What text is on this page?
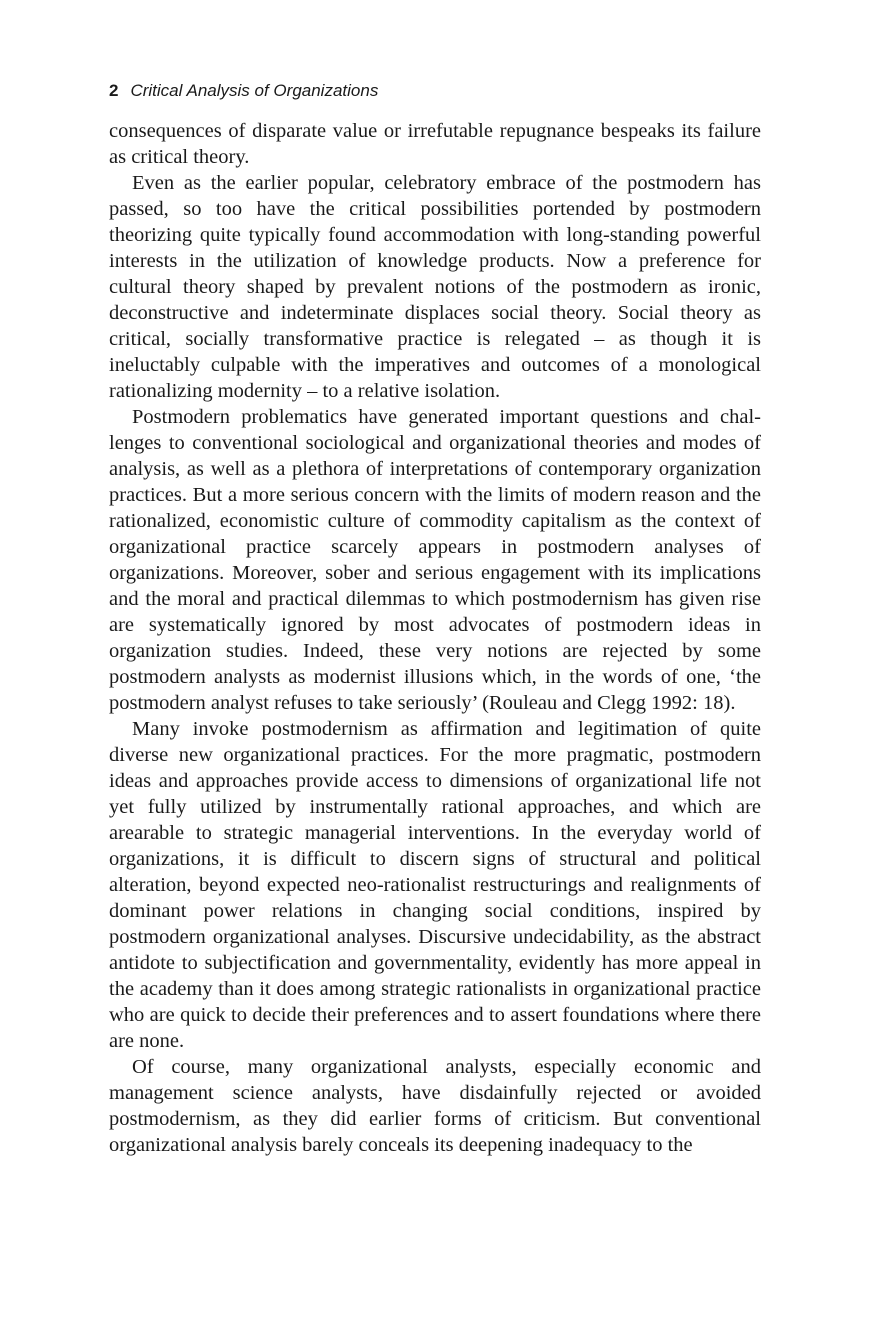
2 Critical Analysis of Organizations

consequences of disparate value or irrefutable repugnance bespeaks its failure as critical theory.

Even as the earlier popular, celebratory embrace of the postmodern has passed, so too have the critical possibilities portended by postmodern theorizing quite typically found accommodation with long-standing powerful interests in the utilization of knowledge products. Now a preference for cultural theory shaped by prevalent notions of the postmodern as ironic, deconstructive and indeterminate displaces social theory. Social theory as critical, socially transformative practice is relegated – as though it is ineluctably culpable with the imperatives and outcomes of a monological rationalizing modernity – to a relative isolation.

Postmodern problematics have generated important questions and challenges to conventional sociological and organizational theories and modes of analysis, as well as a plethora of interpretations of contemporary organization practices. But a more serious concern with the limits of modern reason and the rationalized, economistic culture of commodity capitalism as the context of organizational practice scarcely appears in postmodern analyses of organizations. Moreover, sober and serious engagement with its implications and the moral and practical dilemmas to which postmodernism has given rise are systematically ignored by most advocates of postmodern ideas in organization studies. Indeed, these very notions are rejected by some postmodern analysts as modernist illusions which, in the words of one, ‘the postmodern analyst refuses to take seriously’ (Rouleau and Clegg 1992: 18).

Many invoke postmodernism as affirmation and legitimation of quite diverse new organizational practices. For the more pragmatic, postmodern ideas and approaches provide access to dimensions of organizational life not yet fully utilized by instrumentally rational approaches, and which are arearable to strategic managerial interventions. In the everyday world of organizations, it is difficult to discern signs of structural and political alteration, beyond expected neo-rationalist restructurings and realignments of dominant power relations in changing social conditions, inspired by postmodern organizational analyses. Discursive undecidability, as the abstract antidote to subjectification and governmentality, evidently has more appeal in the academy than it does among strategic rationalists in organizational practice who are quick to decide their preferences and to assert foundations where there are none.

Of course, many organizational analysts, especially economic and management science analysts, have disdainfully rejected or avoided postmodernism, as they did earlier forms of criticism. But conventional organizational analysis barely conceals its deepening inadequacy to the
